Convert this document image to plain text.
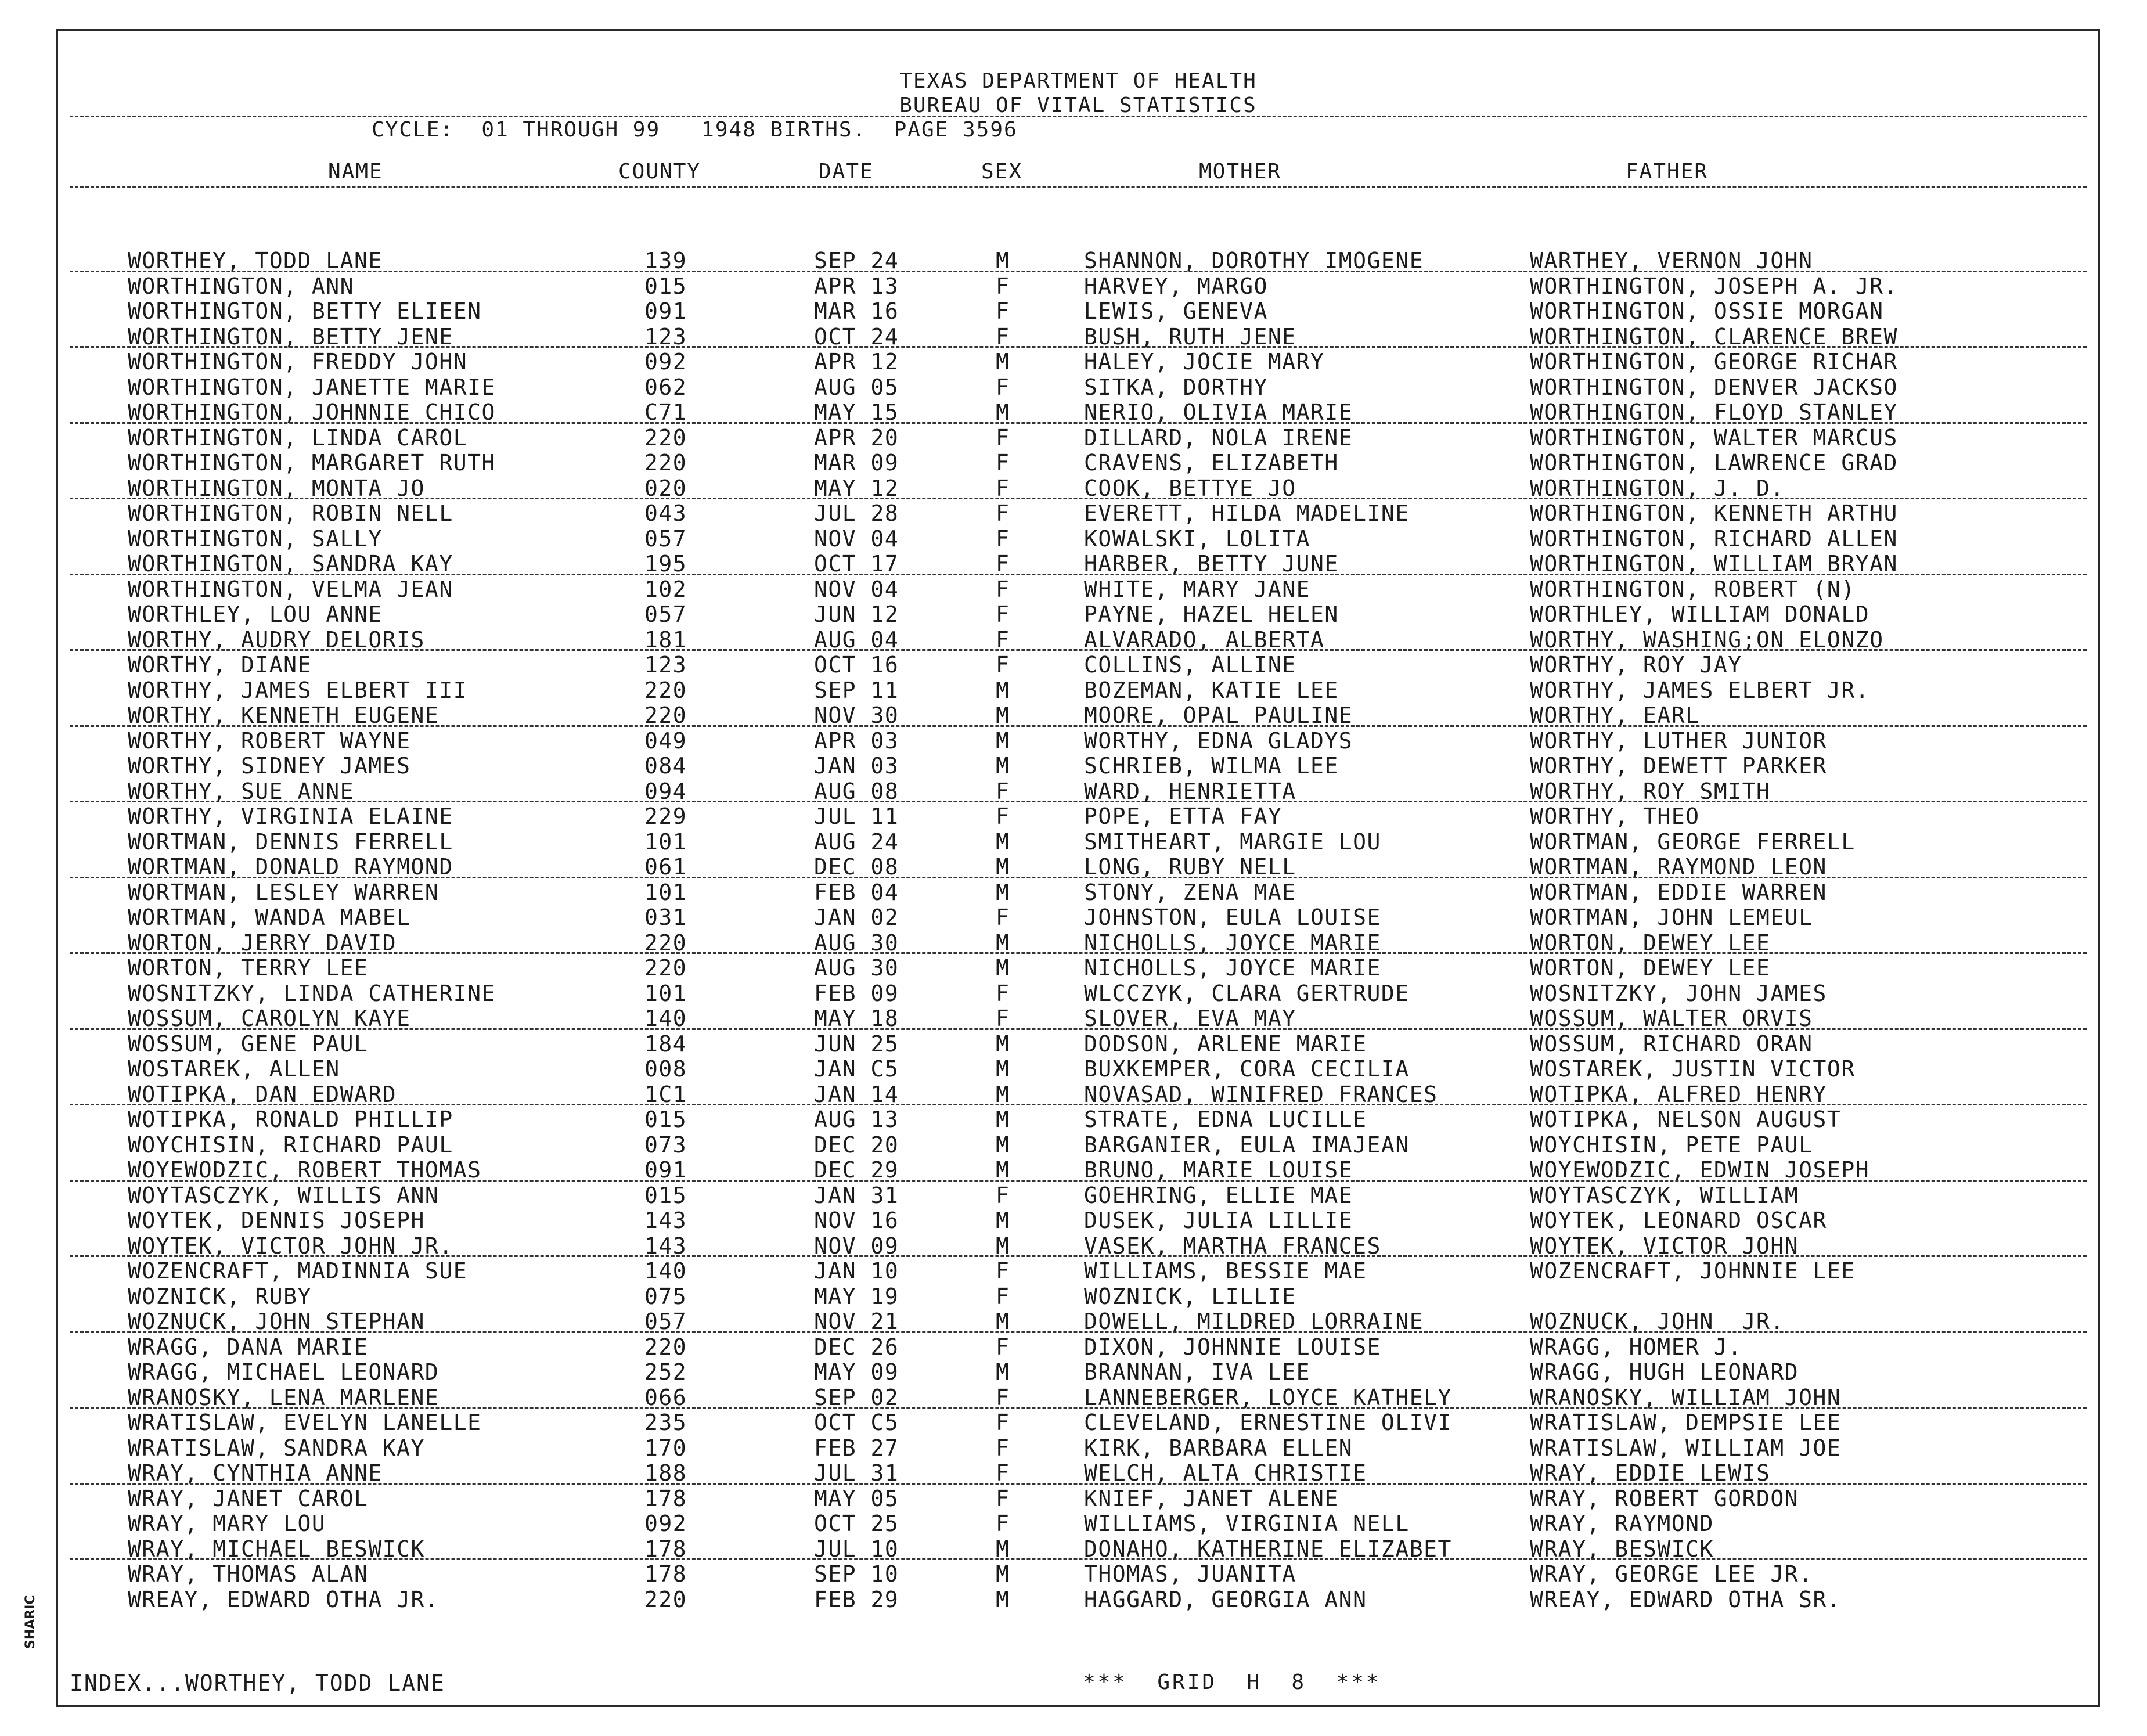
TEXAS DEPARTMENT OF HEALTH
BUREAU OF VITAL STATISTICS
CYCLE:  01 THROUGH 99   1948 BIRTHS.  PAGE 3596
NAME	COUNTY	DATE	SEX	MOTHER	FATHER
WORTHEY, TODD LANE	139	SEP 24	M	SHANNON, DOROTHY IMOGENE	WARTHEY, VERNON JOHN
WORTHINGTON, ANN	015	APR 13	F	HARVEY, MARGO	WORTHINGTON, JOSEPH A. JR.
WORTHINGTON, BETTY ELIEEN	091	MAR 16	F	LEWIS, GENEVA	WORTHINGTON, OSSIE MORGAN
WORTHINGTON, BETTY JENE	123	OCT 24	F	BUSH, RUTH JENE	WORTHINGTON, CLARENCE BREW
WORTHINGTON, FREDDY JOHN	092	APR 12	M	HALEY, JOCIE MARY	WORTHINGTON, GEORGE RICHAR
WORTHINGTON, JANETTE MARIE	062	AUG 05	F	SITKA, DORTHY	WORTHINGTON, DENVER JACKSO
WORTHINGTON, JOHNNIE CHICO	C71	MAY 15	M	NERIO, OLIVIA MARIE	WORTHINGTON, FLOYD STANLEY
WORTHINGTON, LINDA CAROL	220	APR 20	F	DILLARD, NOLA IRENE	WORTHINGTON, WALTER MARCUS
WORTHINGTON, MARGARET RUTH	220	MAR 09	F	CRAVENS, ELIZABETH	WORTHINGTON, LAWRENCE GRAD
WORTHINGTON, MONTA JO	020	MAY 12	F	COOK, BETTYE JO	WORTHINGTON, J. D.
WORTHINGTON, ROBIN NELL	043	JUL 28	F	EVERETT, HILDA MADELINE	WORTHINGTON, KENNETH ARTHU
WORTHINGTON, SALLY	057	NOV 04	F	KOWALSKI, LOLITA	WORTHINGTON, RICHARD ALLEN
WORTHINGTON, SANDRA KAY	195	OCT 17	F	HARBER, BETTY JUNE	WORTHINGTON, WILLIAM BRYAN
WORTHINGTON, VELMA JEAN	102	NOV 04	F	WHITE, MARY JANE	WORTHINGTON, ROBERT (N)
WORTHLEY, LOU ANNE	057	JUN 12	F	PAYNE, HAZEL HELEN	WORTHLEY, WILLIAM DONALD
WORTHY, AUDRY DELORIS	181	AUG 04	F	ALVARADO, ALBERTA	WORTHY, WASHING;ON ELONZO
WORTHY, DIANE	123	OCT 16	F	COLLINS, ALLINE	WORTHY, ROY JAY
WORTHY, JAMES ELBERT III	220	SEP 11	M	BOZEMAN, KATIE LEE	WORTHY, JAMES ELBERT JR.
WORTHY, KENNETH EUGENE	220	NOV 30	M	MOORE, OPAL PAULINE	WORTHY, EARL
WORTHY, ROBERT WAYNE	049	APR 03	M	WORTHY, EDNA GLADYS	WORTHY, LUTHER JUNIOR
WORTHY, SIDNEY JAMES	084	JAN 03	M	SCHRIEB, WILMA LEE	WORTHY, DEWETT PARKER
WORTHY, SUE ANNE	094	AUG 08	F	WARD, HENRIETTA	WORTHY, ROY SMITH
WORTHY, VIRGINIA ELAINE	229	JUL 11	F	POPE, ETTA FAY	WORTHY, THEO
WORTMAN, DENNIS FERRELL	101	AUG 24	M	SMITHEART, MARGIE LOU	WORTMAN, GEORGE FERRELL
WORTMAN, DONALD RAYMOND	061	DEC 08	M	LONG, RUBY NELL	WORTMAN, RAYMOND LEON
WORTMAN, LESLEY WARREN	101	FEB 04	M	STONY, ZENA MAE	WORTMAN, EDDIE WARREN
WORTMAN, WANDA MABEL	031	JAN 02	F	JOHNSTON, EULA LOUISE	WORTMAN, JOHN LEMEUL
WORTON, JERRY DAVID	220	AUG 30	M	NICHOLLS, JOYCE MARIE	WORTON, DEWEY LEE
WORTON, TERRY LEE	220	AUG 30	M	NICHOLLS, JOYCE MARIE	WORTON, DEWEY LEE
WOSNITZKY, LINDA CATHERINE	101	FEB 09	F	WLCCZYK, CLARA GERTRUDE	WOSNITZKY, JOHN JAMES
WOSSUM, CAROLYN KAYE	140	MAY 18	F	SLOVER, EVA MAY	WOSSUM, WALTER ORVIS
WOSSUM, GENE PAUL	184	JUN 25	M	DODSON, ARLENE MARIE	WOSSUM, RICHARD ORAN
WOSTAREK, ALLEN	008	JAN C5	M	BUXKEMPER, CORA CECILIA	WOSTAREK, JUSTIN VICTOR
WOTIPKA, DAN EDWARD	1C1	JAN 14	M	NOVASAD, WINIFRED FRANCES	WOTIPKA, ALFRED HENRY
WOTIPKA, RONALD PHILLIP	015	AUG 13	M	STRATE, EDNA LUCILLE	WOTIPKA, NELSON AUGUST
WOYCHISIN, RICHARD PAUL	073	DEC 20	M	BARGANIER, EULA IMAJEAN	WOYCHISIN, PETE PAUL
WOYEWODZIC, ROBERT THOMAS	091	DEC 29	M	BRUNO, MARIE LOUISE	WOYEWODZIC, EDWIN JOSEPH
WOYTASCZYK, WILLIS ANN	015	JAN 31	F	GOEHRING, ELLIE MAE	WOYTASCZYK, WILLIAM
WOYTEK, DENNIS JOSEPH	143	NOV 16	M	DUSEK, JULIA LILLIE	WOYTEK, LEONARD OSCAR
WOYTEK, VICTOR JOHN JR.	143	NOV 09	M	VASEK, MARTHA FRANCES	WOYTEK, VICTOR JOHN
WOZENCRAFT, MADINNIA SUE	140	JAN 10	F	WILLIAMS, BESSIE MAE	WOZENCRAFT, JOHNNIE LEE
WOZNICK, RUBY	075	MAY 19	F	WOZNICK, LILLIE
WOZNUCK, JOHN STEPHAN	057	NOV 21	M	DOWELL, MILDRED LORRAINE	WOZNUCK, JOHN  JR.
WRAGG, DANA MARIE	220	DEC 26	F	DIXON, JOHNNIE LOUISE	WRAGG, HOMER J.
WRAGG, MICHAEL LEONARD	252	MAY 09	M	BRANNAN, IVA LEE	WRAGG, HUGH LEONARD
WRANOSKY, LENA MARLENE	066	SEP 02	F	LANNEBERGER, LOYCE KATHELY	WRANOSKY, WILLIAM JOHN
WRATISLAW, EVELYN LANELLE	235	OCT C5	F	CLEVELAND, ERNESTINE OLIVI	WRATISLAW, DEMPSIE LEE
WRATISLAW, SANDRA KAY	170	FEB 27	F	KIRK, BARBARA ELLEN	WRATISLAW, WILLIAM JOE
WRAY, CYNTHIA ANNE	188	JUL 31	F	WELCH, ALTA CHRISTIE	WRAY, EDDIE LEWIS
WRAY, JANET CAROL	178	MAY 05	F	KNIEF, JANET ALENE	WRAY, ROBERT GORDON
WRAY, MARY LOU	092	OCT 25	F	WILLIAMS, VIRGINIA NELL	WRAY, RAYMOND
WRAY, MICHAEL BESWICK	178	JUL 10	M	DONAHO, KATHERINE ELIZABET	WRAY, BESWICK
WRAY, THOMAS ALAN	178	SEP 10	M	THOMAS, JUANITA	WRAY, GEORGE LEE JR.
WREAY, EDWARD OTHA JR.	220	FEB 29	M	HAGGARD, GEORGIA ANN	WREAY, EDWARD OTHA SR.
INDEX...WORTHEY, TODD LANE	***  GRID  H  8  ***
SHARIC
